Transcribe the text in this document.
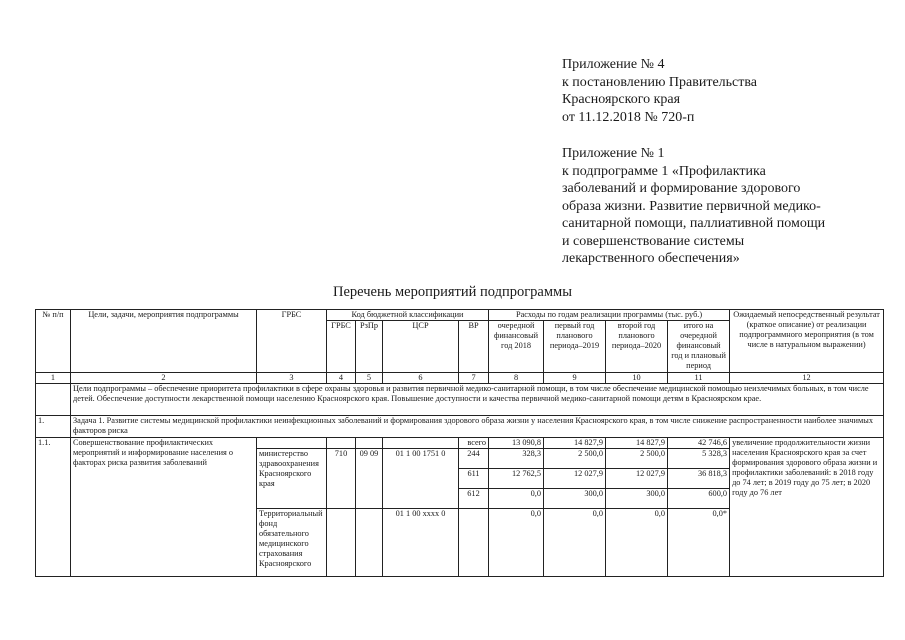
Приложение № 4
к постановлению Правительства
Красноярского края
от 11.12.2018 № 720-п
Приложение № 1
к подпрограмме 1 «Профилактика
заболеваний и формирование здорового
образа жизни. Развитие первичной медико-
санитарной помощи, паллиативной помощи
и совершенствование системы
лекарственного обеспечения»
Перечень мероприятий подпрограммы
№ п/п	Цели, задачи, мероприятия подпрограммы	ГРБС	Код бюджетной классификации				Расходы по годам реализации программы (тыс. руб.)				Ожидаемый непосредственный результат (краткое описание) от реализации подпрограммного мероприятия (в том числе в натуральном выражении)
			ГРБС	РзПр	ЦСР	ВР	очередной финансовый год 2018	первый год планового периода–2019	второй год планового периода–2020	итого на очередной финансовый год и плановый период	
1	2	3	4	5	6	7	8	9	10	11	12
	Цели подпрограммы – обеспечение приоритета профилактики в сфере охраны здоровья и развития первичной медико-санитарной помощи, в том числе обеспечение медицинской помощью неизлечимых больных, в том числе детей. Обеспечение доступности лекарственной помощи населению Красноярского края. Повышение доступности и качества первичной медико-санитарной помощи детям в Красноярском крае.										
1.	Задача 1. Развитие системы медицинской профилактики неинфекционных заболеваний и формирования здорового образа жизни у населения Красноярского края, в том числе снижение распространенности наиболее значимых факторов риска										
1.1.	Совершенствование профилактических мероприятий и информирование населения о факторах риска развития заболеваний					всего	13 090,8	14 827,9	14 827,9	42 746,6	увеличение продолжительности жизни населения Красноярского края за счет формирования здорового образа жизни и профилактики заболеваний: в 2018 году до 74 лет; в 2019 году до 75 лет; в 2020 году до 76 лет
		министерство здравоохранения Красноярского края	710	09 09	01 1 00 1751 0	244	328,3	2 500,0	2 500,0	5 328,3	
						611	12 762,5	12 027,9	12 027,9	36 818,3	
						612	0,0	300,0	300,0	600,0	
		Территориальный фонд обязательного медицинского страхования Красноярского			01 1 00 xxxx 0		0,0	0,0	0,0	0,0*	
